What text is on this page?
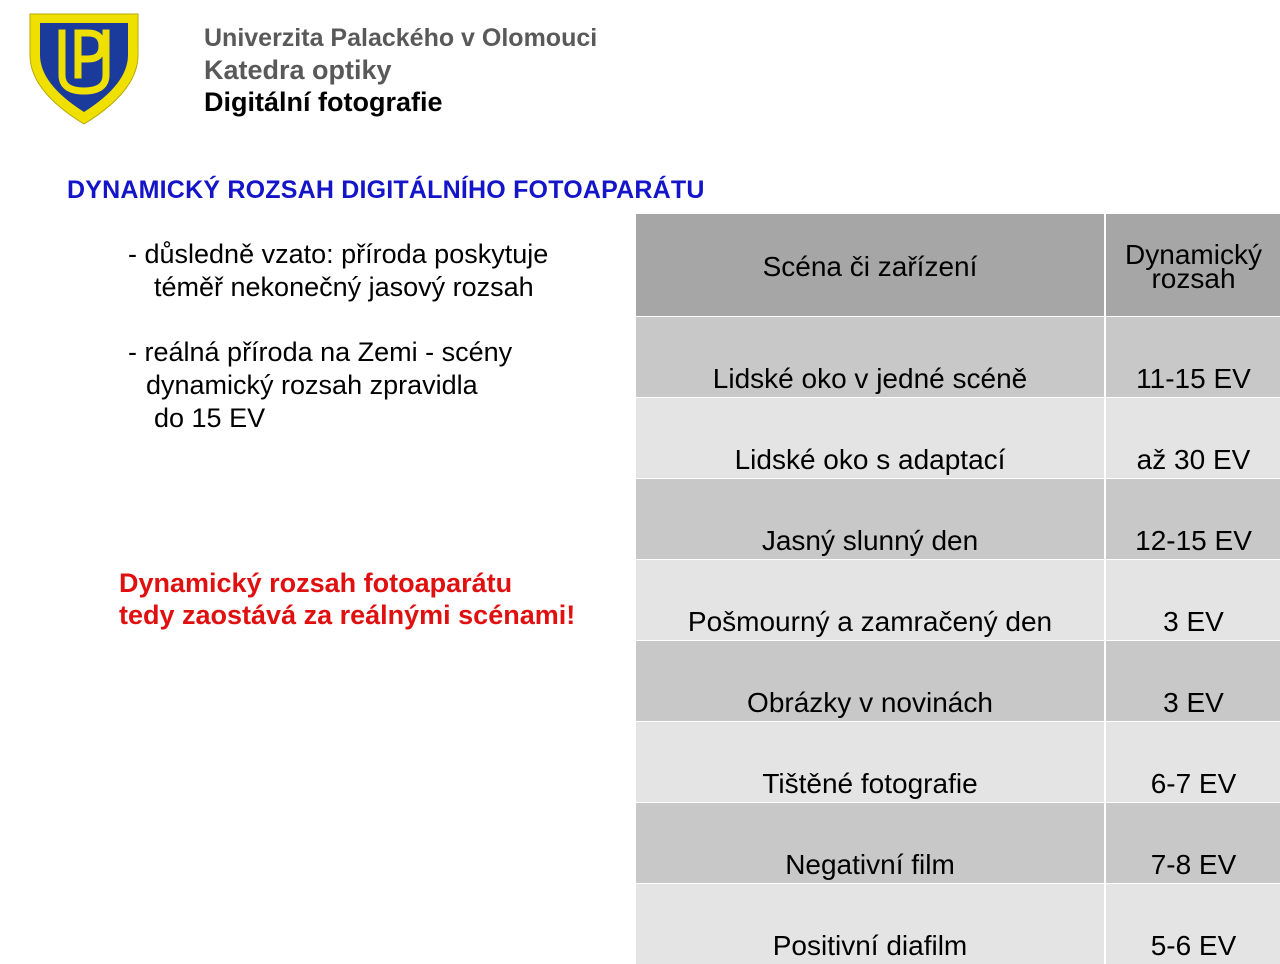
Univerzita Palackého v Olomouci
Katedra optiky
Digitální fotografie
DYNAMICKÝ ROZSAH DIGITÁLNÍHO FOTOAPARÁTU
- důsledně vzato: příroda poskytuje
téměř nekonečný jasový rozsah
- reálná příroda na Zemi - scény
dynamický rozsah zpravidla
do 15 EV
Dynamický rozsah fotoaparátu
tedy zaostává za reálnými scénami!
Scéna či zařízení	Dynamický
rozsah

Lidské oko v jedné scéně	11-15 EV
Lidské oko s adaptací	až 30 EV
Jasný slunný den	12-15 EV
Pošmourný a zamračený den	3 EV
Obrázky v novinách	3 EV
Tištěné fotografie	6-7 EV
Negativní film	7-8 EV
Positivní diafilm	5-6 EV
